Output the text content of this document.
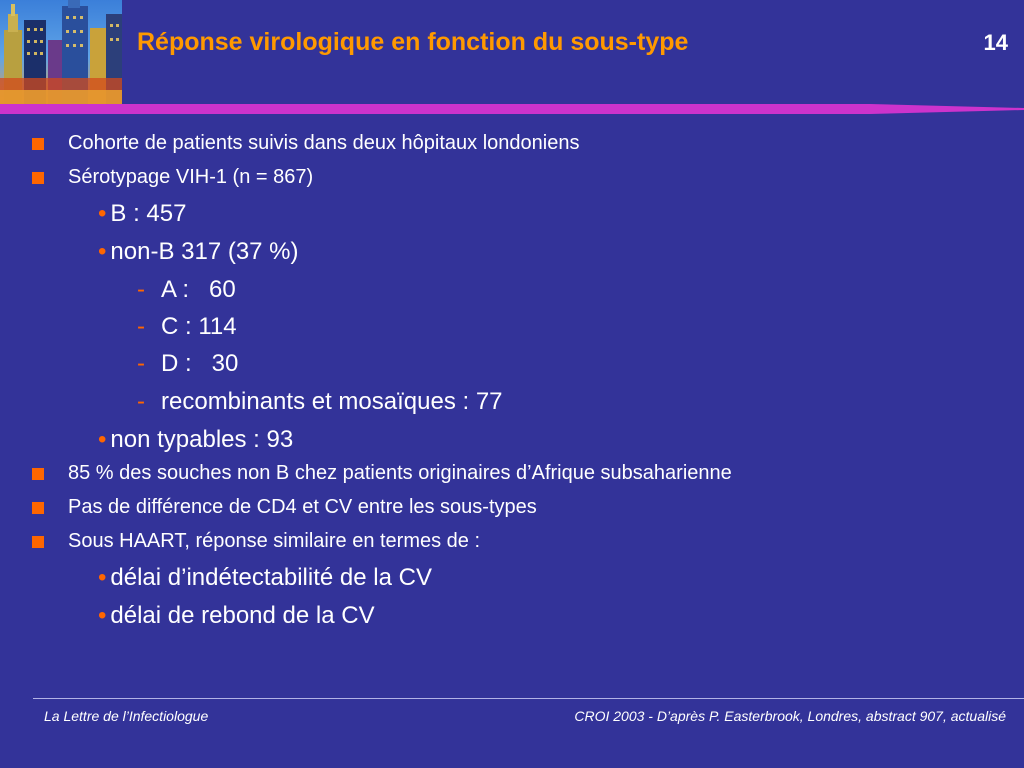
Réponse virologique en fonction du sous-type	14
Cohorte de patients suivis dans deux hôpitaux londoniens
Sérotypage VIH-1 (n = 867)
• B : 457
• non-B 317 (37 %)
- A :   60
- C : 114
- D :   30
- recombinants et mosaïques : 77
• non typables : 93
85 % des souches non B chez patients originaires d’Afrique subsaharienne
Pas de différence de CD4 et CV entre les sous-types
Sous HAART, réponse similaire en termes de :
• délai d’indétectabilité de la CV
• délai de rebond de la CV
La Lettre de l’Infectiologue	CROI 2003 - D’après P. Easterbrook, Londres, abstract 907, actualisé
